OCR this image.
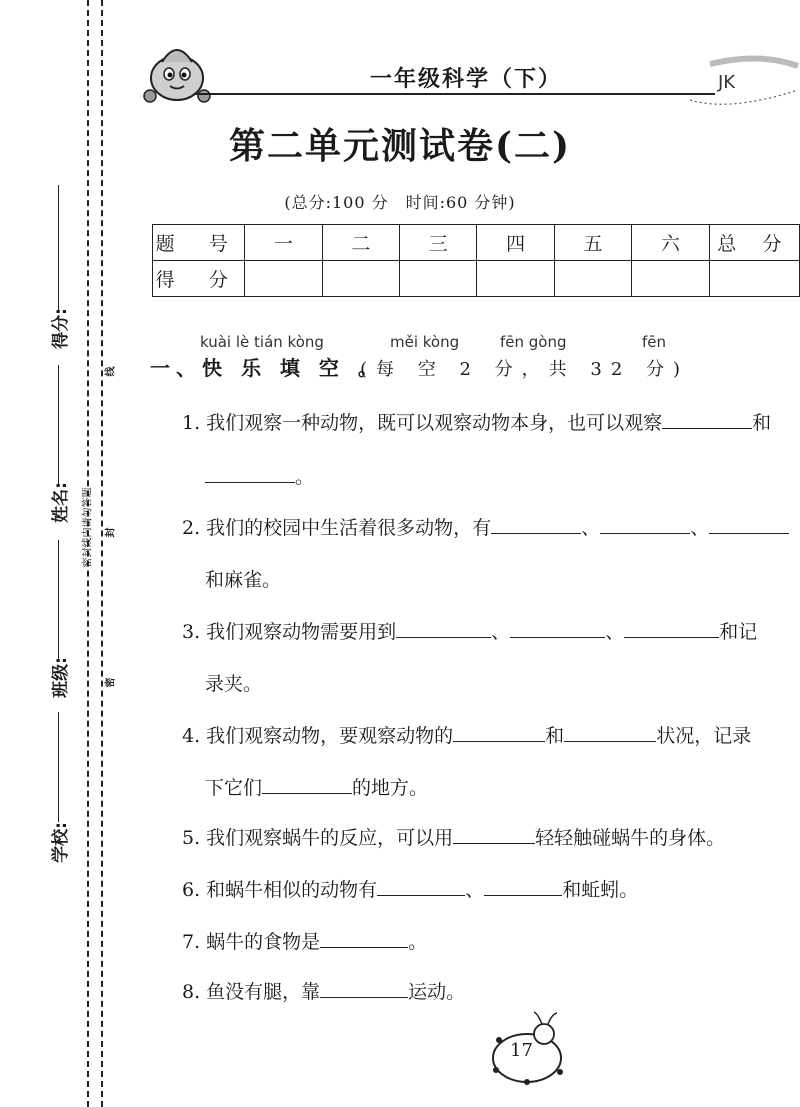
得分:
姓名:
班级:
学校:
线
密封线内请勿答题	封
密
一年级科学（下）	JK
第二单元测试卷(二)
(总分:100 分　时间:60 分钟)
题 号	一	二	三	四	五	六	总 分
得 分							
kuài lè tián kòng	měi kòng	fēn gòng	fēn
一、快 乐 填 空 。
(每 空 2 分，共 32 分)
1. 我们观察一种动物，既可以观察动物本身，也可以观察	和
。
2. 我们的校园中生活着很多动物，有	、	、
和麻雀。
3. 我们观察动物需要用到	、	、	和记
录夹。
4. 我们观察动物，要观察动物的	和	状况，记录
下它们	的地方。
5. 我们观察蜗牛的反应，可以用	轻轻触碰蜗牛的身体。
6. 和蜗牛相似的动物有	、	和蚯蚓。
7. 蜗牛的食物是	。
8. 鱼没有腿，靠	运动。
17
